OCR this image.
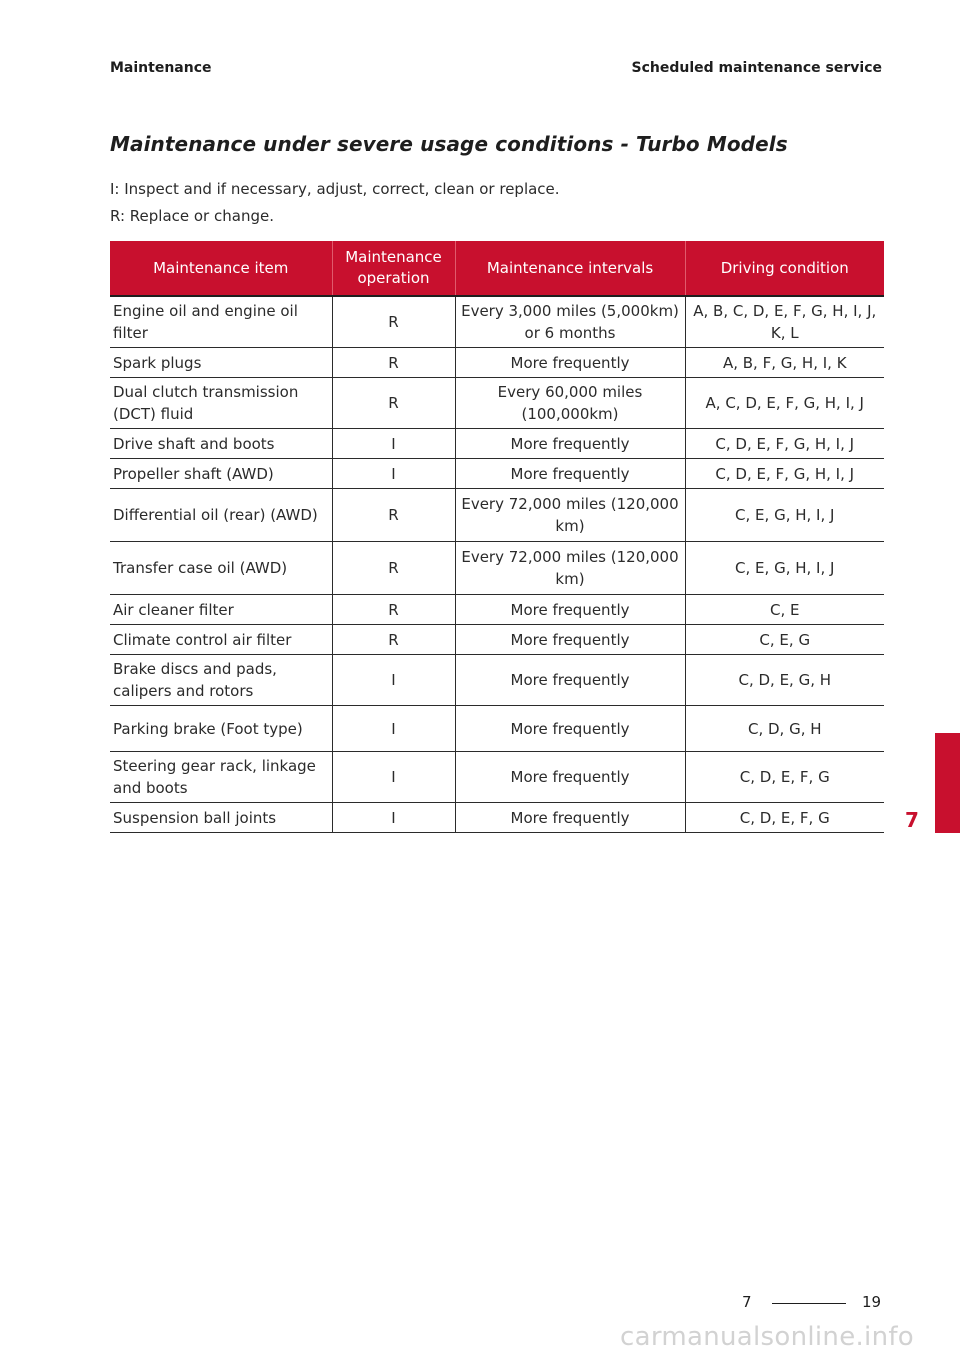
Maintenance	Scheduled maintenance service
Maintenance under severe usage conditions - Turbo Models
I: Inspect and if necessary, adjust, correct, clean or replace.
R: Replace or change.
Maintenance item	Maintenance operation	Maintenance intervals	Driving condition
Engine oil and engine oil filter	R	Every 3,000 miles (5,000km) or 6 months	A, B, C, D, E, F, G, H, I, J, K, L
Spark plugs	R	More frequently	A, B, F, G, H, I, K
Dual clutch transmission (DCT) fluid	R	Every 60,000 miles (100,000km)	A, C, D, E, F, G, H, I, J
Drive shaft and boots	I	More frequently	C, D, E, F, G, H, I, J
Propeller shaft (AWD)	I	More frequently	C, D, E, F, G, H, I, J
Differential oil (rear) (AWD)	R	Every 72,000 miles (120,000 km)	C, E, G, H, I, J
Transfer case oil (AWD)	R	Every 72,000 miles (120,000 km)	C, E, G, H, I, J
Air cleaner filter	R	More frequently	C, E
Climate control air filter	R	More frequently	C, E, G
Brake discs and pads, calipers and rotors	I	More frequently	C, D, E, G, H
Parking brake (Foot type)	I	More frequently	C, D, G, H
Steering gear rack, linkage and boots	I	More frequently	C, D, E, F, G
Suspension ball joints	I	More frequently	C, D, E, F, G	7
7	19
carmanualsonline.info
